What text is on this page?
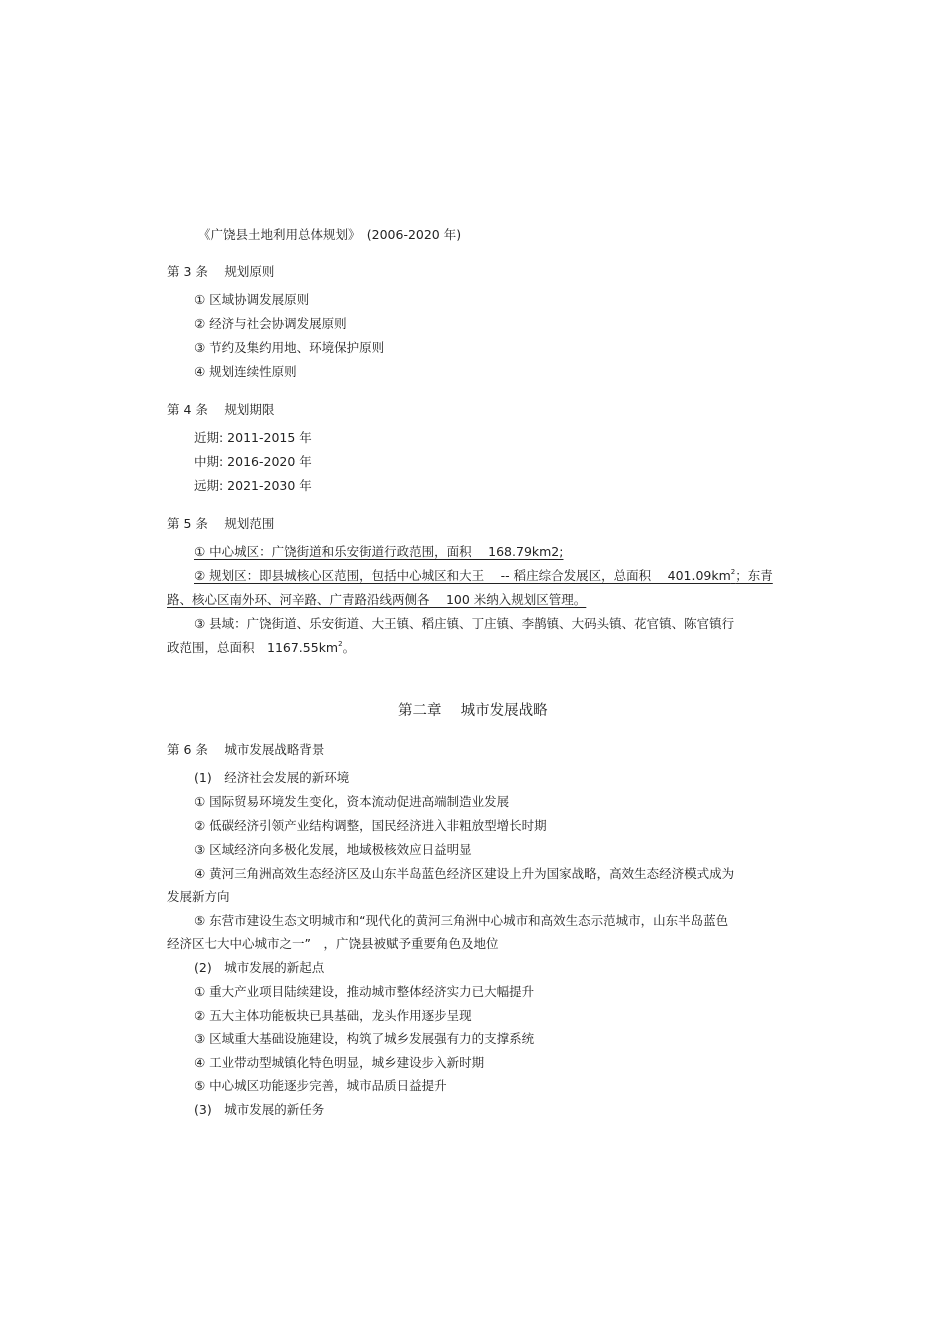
《广饶县土地利用总体规划》　(2006-2020 年)
第 3 条　 规划原则
① 区域协调发展原则
② 经济与社会协调发展原则
③ 节约及集约用地、环境保护原则
④ 规划连续性原则
第 4 条　 规划期限
近期: 2011-2015 年
中期: 2016-2020 年
远期: 2021-2030 年
第 5 条　 规划范围
① 中心城区：广饶街道和乐安街道行政范围，面积　 168.79km2;
② 规划区：即县城核心区范围，包括中心城区和大王　 -- 稻庄综合发展区，总面积　 $401.09km^2$；东青
路、核心区南外环、河辛路、广青路沿线两侧各　 100 米纳入规划区管理。
③ 县域：广饶街道、乐安街道、大王镇、稻庄镇、丁庄镇、李鹊镇、大码头镇、花官镇、陈官镇行
政范围，总面积　$1167.55km^2$。
第二章　 城市发展战略
第 6 条　 城市发展战略背景
(1)　经济社会发展的新环境
① 国际贸易环境发生变化，资本流动促进高端制造业发展
② 低碳经济引领产业结构调整，国民经济进入非粗放型增长时期
③ 区域经济向多极化发展，地域极核效应日益明显
④ 黄河三角洲高效生态经济区及山东半岛蓝色经济区建设上升为国家战略，高效生态经济模式成为
发展新方向
⑤ 东营市建设生态文明城市和“现代化的黄河三角洲中心城市和高效生态示范城市，山东半岛蓝色
经济区七大中心城市之一”　，广饶县被赋予重要角色及地位
(2)　城市发展的新起点
① 重大产业项目陆续建设，推动城市整体经济实力已大幅提升
② 五大主体功能板块已具基础，龙头作用逐步呈现
③ 区域重大基础设施建设，构筑了城乡发展强有力的支撑系统
④ 工业带动型城镇化特色明显，城乡建设步入新时期
⑤ 中心城区功能逐步完善，城市品质日益提升
(3)　城市发展的新任务
